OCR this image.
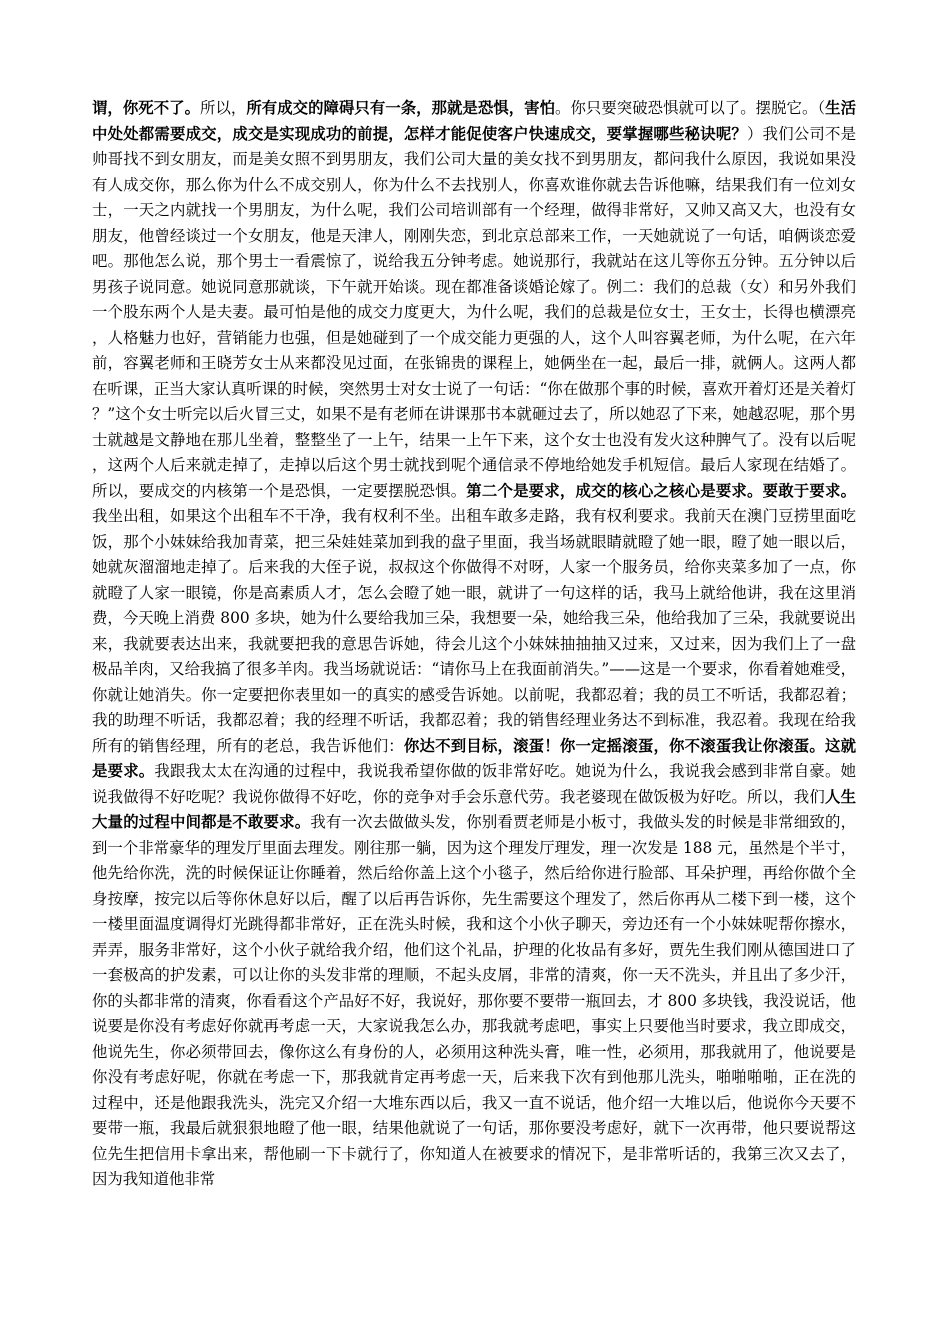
谓，你死不了。所以，所有成交的障碍只有一条，那就是恐惧，害怕。你只要突破恐惧就可以了。摆脱它。（生活中处处都需要成交，成交是实现成功的前提，怎样才能促使客户快速成交，要掌握哪些秘诀呢？）我们公司不是帅哥找不到女朋友，而是美女照不到男朋友，我们公司大量的美女找不到男朋友，都问我什么原因，我说如果没有人成交你，那么你为什么不成交别人，你为什么不去找别人，你喜欢谁你就去告诉他嘛，结果我们有一位刘女士，一天之内就找一个男朋友，为什么呢，我们公司培训部有一个经理，做得非常好，又帅又高又大，也没有女朋友，他曾经谈过一个女朋友，他是天津人，刚刚失恋，到北京总部来工作，一天她就说了一句话，咱俩谈恋爱吧。那他怎么说，那个男士一看震惊了，说给我五分钟考虑。她说那行，我就站在这儿等你五分钟。五分钟以后男孩子说同意。她说同意那就谈，下午就开始谈。现在都准备谈婚论嫁了。例二：我们的总裁（女）和另外我们一个股东两个人是夫妻。最可怕是他的成交力度更大，为什么呢，我们的总裁是位女士，王女士，长得也横漂亮，人格魅力也好，营销能力也强，但是她碰到了一个成交能力更强的人，这个人叫容翼老师，为什么呢，在六年前，容翼老师和王晓芳女士从来都没见过面，在张锦贵的课程上，她俩坐在一起，最后一排，就俩人。这两人都在听课，正当大家认真听课的时候，突然男士对女士说了一句话：“你在做那个事的时候，喜欢开着灯还是关着灯？”这个女士听完以后火冒三丈，如果不是有老师在讲课那书本就砸过去了，所以她忍了下来，她越忍呢，那个男士就越是文静地在那儿坐着，整整坐了一上午，结果一上午下来，这个女士也没有发火这种脾气了。没有以后呢，这两个人后来就走掉了，走掉以后这个男士就找到呢个通信录不停地给她发手机短信。最后人家现在结婚了。所以，要成交的内核第一个是恐惧，一定要摆脱恐惧。第二个是要求，成交的核心之核心是要求。要敢于要求。我坐出租，如果这个出租车不干净，我有权利不坐。出租车敢多走路，我有权利要求。我前天在澳门豆捞里面吃饭，那个小妹妹给我加青菜，把三朵娃娃菜加到我的盘子里面，我当场就眼睛就瞪了她一眼，瞪了她一眼以后，她就灰溜溜地走掉了。后来我的大侄子说，叔叔这个你做得不对呀，人家一个服务员，给你夹菜多加了一点，你就瞪了人家一眼镜，你是高素质人才，怎么会瞪了她一眼，就讲了一句这样的话，我马上就给他讲，我在这里消费，今天晚上消费 800 多块，她为什么要给我加三朵，我想要一朵，她给我三朵，他给我加了三朵，我就要说出来，我就要表达出来，我就要把我的意思告诉她，待会儿这个小妹妹抽抽抽又过来，又过来，因为我们上了一盘极品羊肉，又给我搞了很多羊肉。我当场就说话：“请你马上在我面前消失。”——这是一个要求，你看着她难受，你就让她消失。你一定要把你表里如一的真实的感受告诉她。以前呢，我都忍着；我的员工不听话，我都忍着；我的助理不听话，我都忍着；我的经理不听话，我都忍着；我的销售经理业务达不到标准，我忍着。我现在给我所有的销售经理，所有的老总，我告诉他们：你达不到目标，滚蛋！你一定摇滚蛋，你不滚蛋我让你滚蛋。这就是要求。我跟我太太在沟通的过程中，我说我希望你做的饭非常好吃。她说为什么，我说我会感到非常自豪。她说我做得不好吃呢？我说你做得不好吃，你的竞争对手会乐意代劳。我老婆现在做饭极为好吃。所以，我们人生大量的过程中间都是不敢要求。我有一次去做做头发，你别看贾老师是小板寸，我做头发的时候是非常细致的，到一个非常豪华的理发厅里面去理发。刚往那一躺，因为这个理发厅理发，理一次发是 188 元，虽然是个半寸，他先给你洗，洗的时候保证让你睡着，然后给你盖上这个小毯子，然后给你进行脸部、耳朵护理，再给你做个全身按摩，按完以后等你休息好以后，醒了以后再告诉你，先生需要这个理发了，然后你再从二楼下到一楼，这个一楼里面温度调得灯光跳得都非常好，正在洗头时候，我和这个小伙子聊天，旁边还有一个小妹妹呢帮你擦水，弄弄，服务非常好，这个小伙子就给我介绍，他们这个礼品，护理的化妆品有多好，贾先生我们刚从德国进口了一套极高的护发素，可以让你的头发非常的理顺，不起头皮屑，非常的清爽，你一天不洗头，并且出了多少汗，你的头都非常的清爽，你看看这个产品好不好，我说好，那你要不要带一瓶回去，才 800 多块钱，我没说话，他说要是你没有考虑好你就再考虑一天，大家说我怎么办，那我就考虑吧，事实上只要他当时要求，我立即成交，他说先生，你必须带回去，像你这么有身份的人，必须用这种洗头膏，唯一性，必须用，那我就用了，他说要是你没有考虑好呢，你就在考虑一下，那我就肯定再考虑一天，后来我下次有到他那儿洗头，啪啪啪啪，正在洗的过程中，还是他跟我洗头，洗完又介绍一大堆东西以后，我又一直不说话，他介绍一大堆以后，他说你今天要不要带一瓶，我最后就狠狠地瞪了他一眼，结果他就说了一句话，那你要没考虑好，就下一次再带，他只要说帮这位先生把信用卡拿出来，帮他刷一下卡就行了，你知道人在被要求的情况下，是非常听话的，我第三次又去了，因为我知道他非常
